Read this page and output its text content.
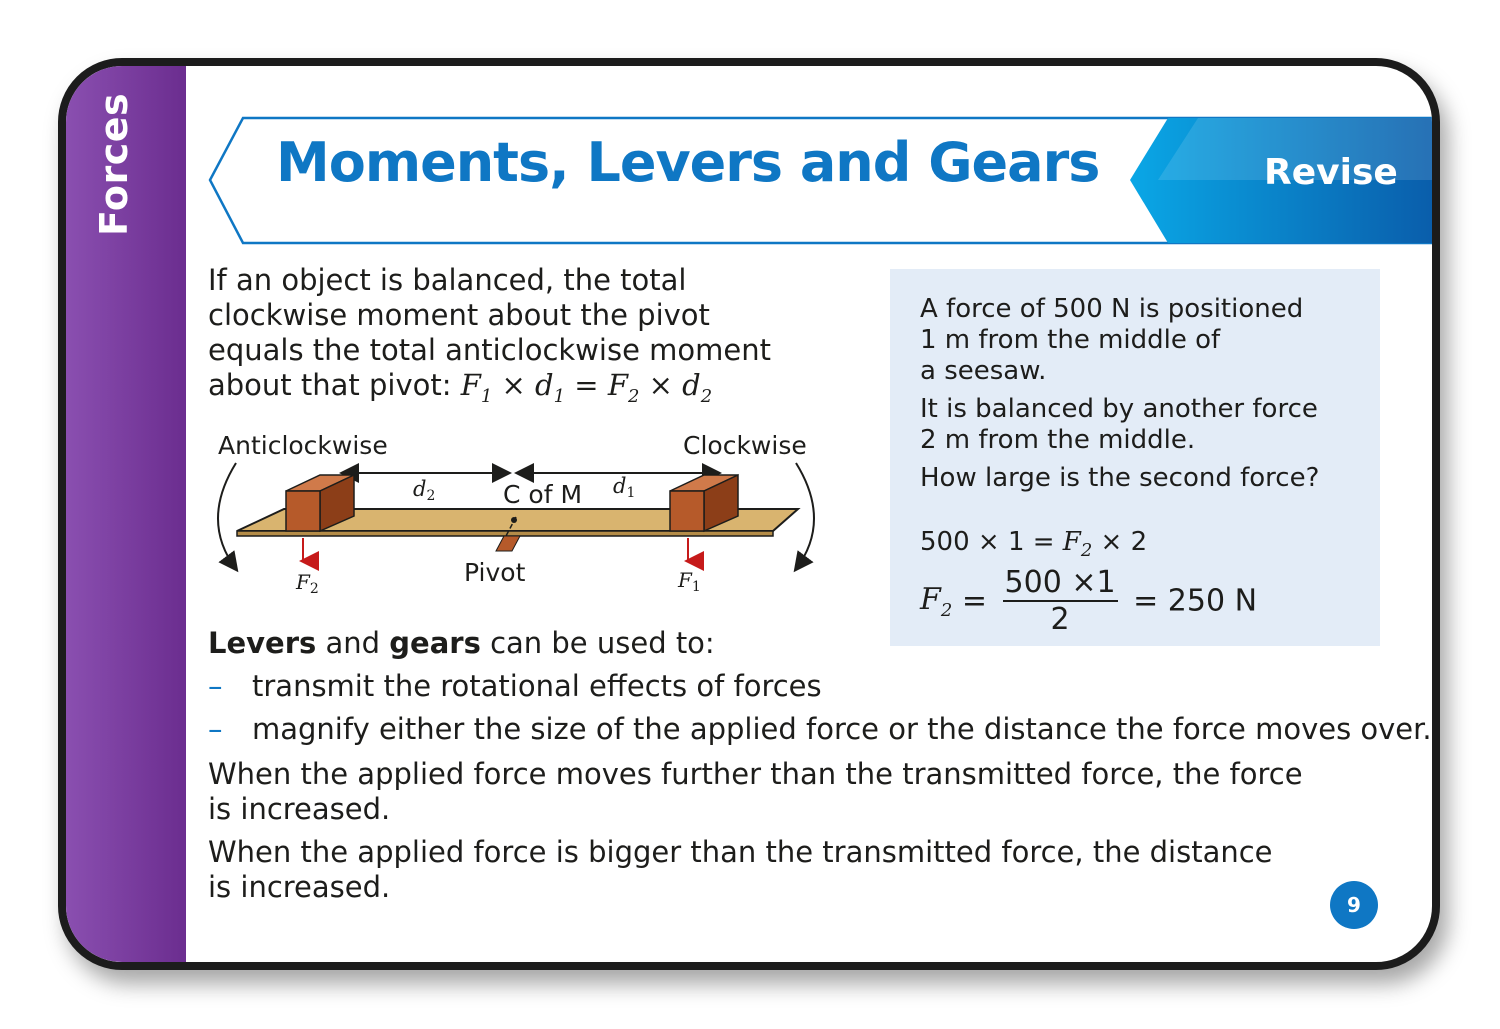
Forces	Moments, Levers and Gears	Revise
If an object is balanced, the total
clockwise moment about the pivot
equals the total anticlockwise moment
about that pivot: $F_1 \times d_1 = F_2 \times d_2$
Anticlockwise	Clockwise
d2	d1
C of M
$F_2$	$F_1$
Pivot
A force of 500 N is positioned
1 m from the middle of
a seesaw.
It is balanced by another force
2 m from the middle.
How large is the second force?
$500 \times 1 = F_2 \times 2$
$F_2 = \frac{500 \times 1}{2} = 250$ N
Levers and gears can be used to:
– transmit the rotational effects of forces
– magnify either the size of the applied force or the distance the force moves over.
When the applied force moves further than the transmitted force, the force
is increased.
When the applied force is bigger than the transmitted force, the distance
is increased.
9
